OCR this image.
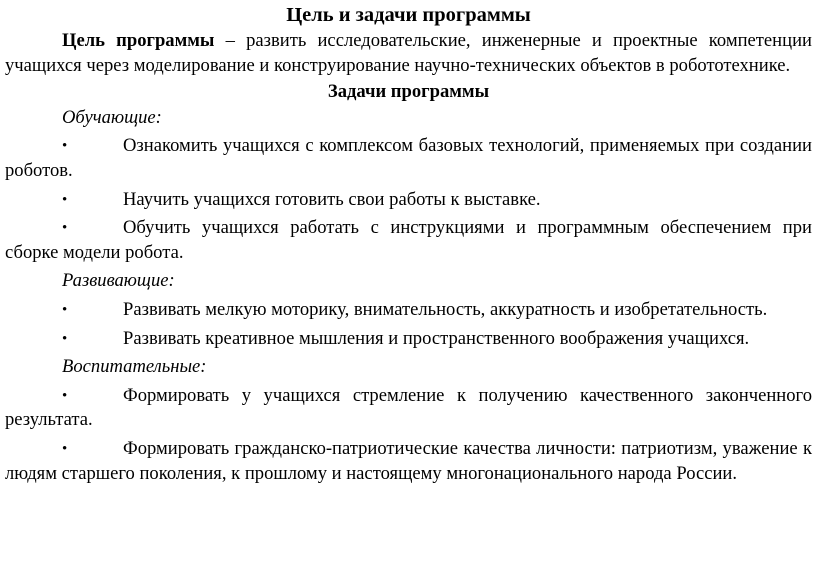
Цель и задачи программы

Цель программы – развить исследовательские, инженерные и проектные компетенции учащихся через моделирование и конструирование научно-технических объектов в робототехнике.

Задачи программы
Обучающие:

•	Ознакомить учащихся с комплексом базовых технологий, применяемых при создании роботов.

•	Научить учащихся готовить свои работы к выставке.

•	Обучить учащихся работать с инструкциями и программным обеспечением при сборке модели робота.

Развивающие:

•	Развивать мелкую моторику, внимательность, аккуратность и изобретательность.

•	Развивать креативное мышления и пространственного воображения учащихся.

Воспитательные:

•	Формировать у учащихся стремление к получению качественного законченного результата.

•	Формировать гражданско-патриотические качества личности: патриотизм, уважение к людям старшего поколения, к прошлому и настоящему многонационального народа России.
